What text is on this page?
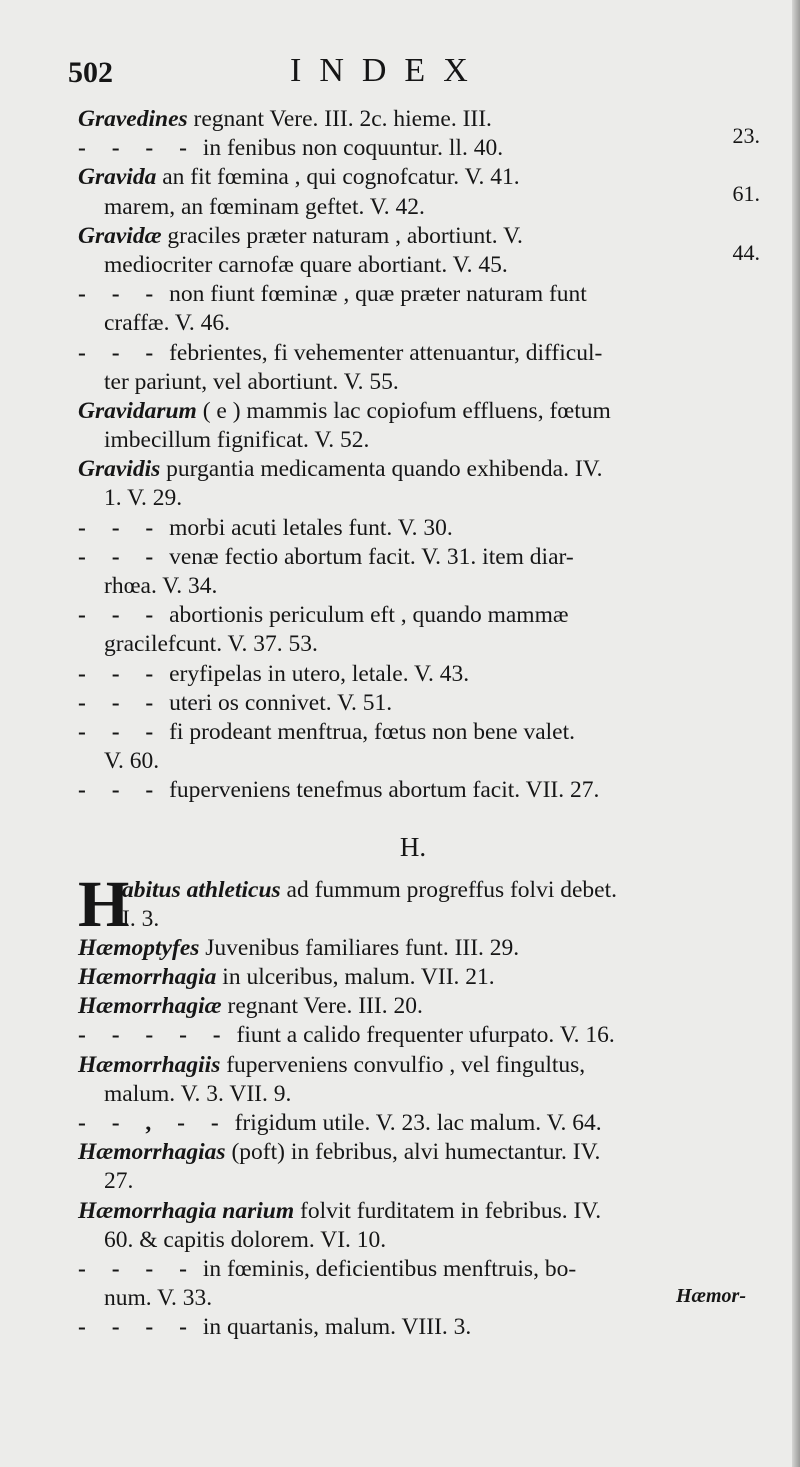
502	INDEX
Gravedines regnant Vere. III. 2c. hieme. III.
23.
- - - - in fenibus non coquuntur. ll. 40.
Gravida an fit fœmina , qui cognofcatur. V. 41.
61.
marem, an fœminam geftet. V. 42.
Gravidæ graciles præter naturam , abortiunt. V.
44.
mediocriter carnofæ quare abortiant. V. 45.
- - - non fiunt fœminæ , quæ præter naturam funt
craffæ. V. 46.
- - - febrientes, fi vehementer attenuantur, difficul-
ter pariunt, vel abortiunt. V. 55.
Gravidarum ( e ) mammis lac copiofum effluens, fœtum
imbecillum fignificat. V. 52.
Gravidis purgantia medicamenta quando exhibenda. IV.
1. V. 29.
- - - morbi acuti letales funt. V. 30.
- - - venæ fectio abortum facit. V. 31. item diar-
rhœa. V. 34.
- - - abortionis periculum eft , quando mammæ
gracilefcunt. V. 37. 53.
- - - eryfipelas in utero, letale. V. 43.
- - - uteri os connivet. V. 51.
- - - fi prodeant menftrua, fœtus non bene valet.
V. 60.
- - - fuperveniens tenefmus abortum facit. VII. 27.
H.
H
abitus athleticus ad fummum progreffus folvi debet.
I. 3.
Hæmoptyfes Juvenibus familiares funt. III. 29.
Hæmorrhagia in ulceribus, malum. VII. 21.
Hæmorrhagiæ regnant Vere. III. 20.
- - - - - fiunt a calido frequenter ufurpato. V. 16.
Hæmorrhagiis fuperveniens convulfio , vel fingultus,
malum. V. 3. VII. 9.
- - , - - frigidum utile. V. 23. lac malum. V. 64.
Hæmorrhagias (poft) in febribus, alvi humectantur. IV.
27.
Hæmorrhagia narium folvit furditatem in febribus. IV.
60. & capitis dolorem. VI. 10.
- - - - in fœminis, deficientibus menftruis, bo-
num. V. 33.
- - - - in quartanis, malum. VIII. 3.
Hæmor-
